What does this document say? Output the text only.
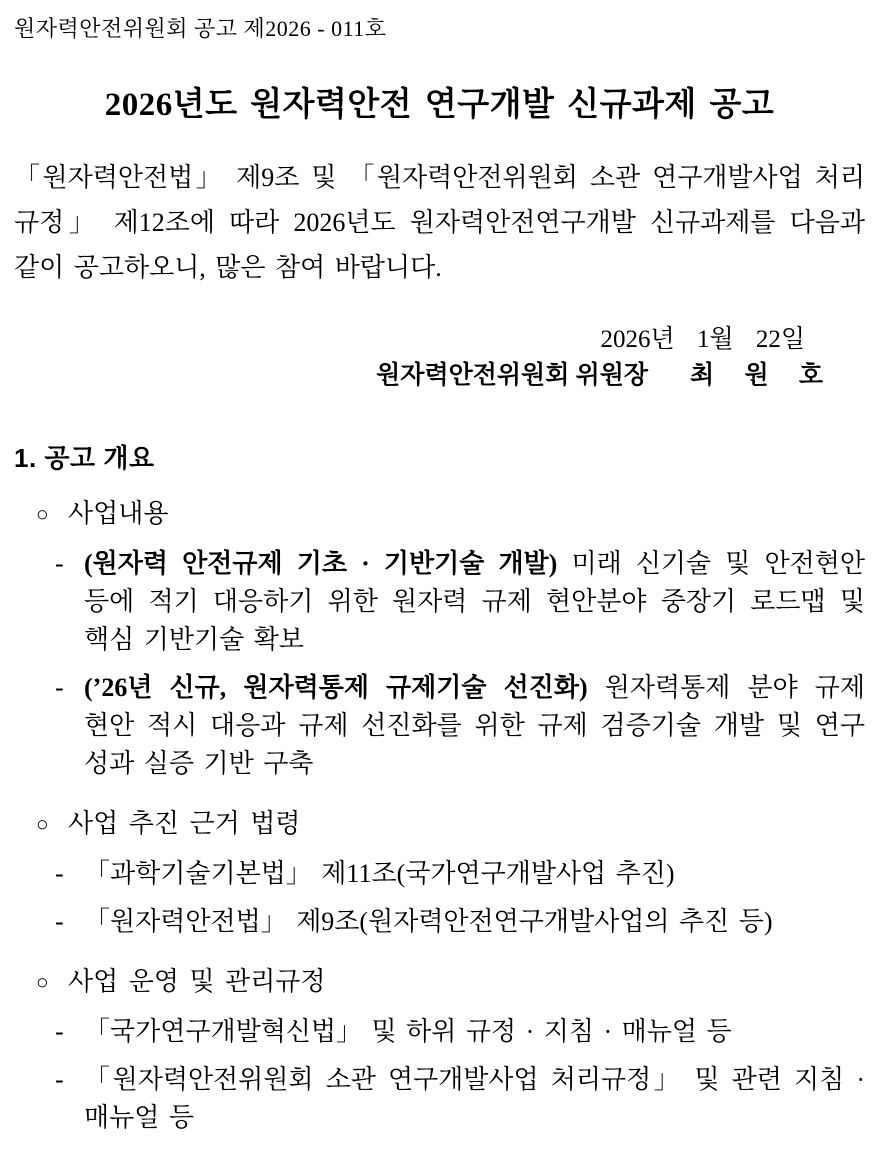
원자력안전위원회 공고 제2026 - 011호
2026년도 원자력안전 연구개발 신규과제 공고
「원자력안전법」 제9조 및 「원자력안전위원회 소관 연구개발사업 처리 규정」 제12조에 따라 2026년도 원자력안전연구개발 신규과제를 다음과 같이 공고하오니, 많은 참여 바랍니다.
2026년 1월 22일
원자력안전위원회 위원장 최 원 호
1. 공고 개요
○ 사업내용
- (원자력 안전규제 기초 · 기반기술 개발) 미래 신기술 및 안전현안 등에 적기 대응하기 위한 원자력 규제 현안분야 중장기 로드맵 및 핵심 기반기술 확보
- (’26년 신규, 원자력통제 규제기술 선진화) 원자력통제 분야 규제 현안 적시 대응과 규제 선진화를 위한 규제 검증기술 개발 및 연구 성과 실증 기반 구축
○ 사업 추진 근거 법령
- 「과학기술기본법」 제11조(국가연구개발사업 추진)
- 「원자력안전법」 제9조(원자력안전연구개발사업의 추진 등)
○ 사업 운영 및 관리규정
- 「국가연구개발혁신법」 및 하위 규정 · 지침 · 매뉴얼 등
- 「원자력안전위원회 소관 연구개발사업 처리규정」 및 관련 지침 · 매뉴얼 등
